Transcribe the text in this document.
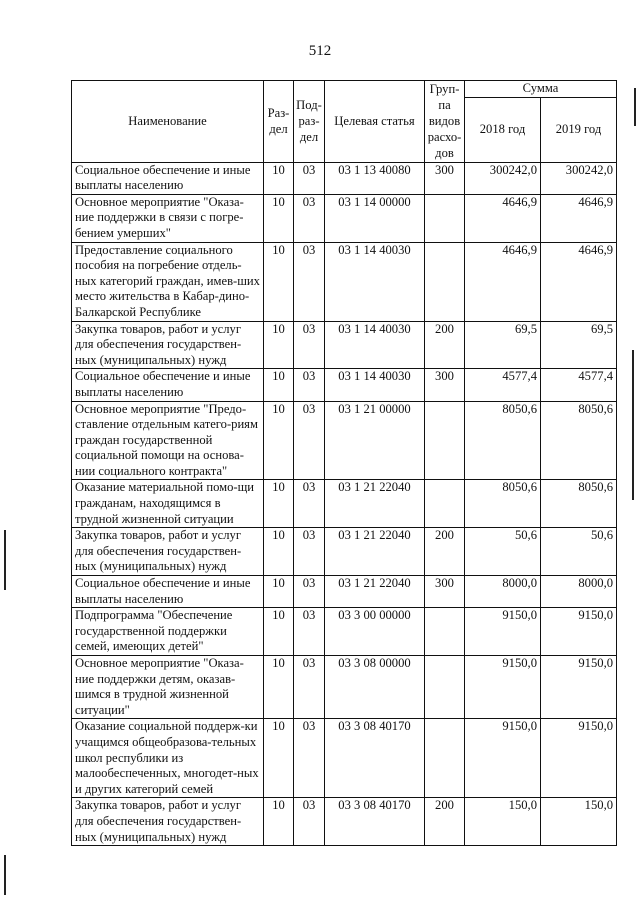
512
Наименование	Раз-дел	Под-раз-дел	Целевая статья	Груп-па видов расхо-дов	Сумма	
					2018 год	2019 год
Социальное обеспечение и иные выплаты населению	10	03	03 1 13 40080	300	300242,0	300242,0
Основное мероприятие "Оказа-ние поддержки в связи с погре-бением умерших"	10	03	03 1 14 00000		4646,9	4646,9
Предоставление социального пособия на погребение отдель-ных категорий граждан, имев-ших место жительства в Кабар-дино-Балкарской Республике	10	03	03 1 14 40030		4646,9	4646,9
Закупка товаров, работ и услуг для обеспечения государствен-ных (муниципальных) нужд	10	03	03 1 14 40030	200	69,5	69,5
Социальное обеспечение и иные выплаты населению	10	03	03 1 14 40030	300	4577,4	4577,4
Основное мероприятие "Предо-ставление отдельным катего-риям граждан государственной социальной помощи на основа-нии социального контракта"	10	03	03 1 21 00000		8050,6	8050,6
Оказание материальной помо-щи гражданам, находящимся в трудной жизненной ситуации	10	03	03 1 21 22040		8050,6	8050,6
Закупка товаров, работ и услуг для обеспечения государствен-ных (муниципальных) нужд	10	03	03 1 21 22040	200	50,6	50,6
Социальное обеспечение и иные выплаты населению	10	03	03 1 21 22040	300	8000,0	8000,0
Подпрограмма "Обеспечение государственной поддержки семей, имеющих детей"	10	03	03 3 00 00000		9150,0	9150,0
Основное мероприятие "Оказа-ние поддержки детям, оказав-шимся в трудной жизненной ситуации"	10	03	03 3 08 00000		9150,0	9150,0
Оказание социальной поддерж-ки учащимся общеобразова-тельных школ республики из малообеспеченных, многодет-ных и других категорий семей	10	03	03 3 08 40170		9150,0	9150,0
Закупка товаров, работ и услуг для обеспечения государствен-ных (муниципальных) нужд	10	03	03 3 08 40170	200	150,0	150,0
